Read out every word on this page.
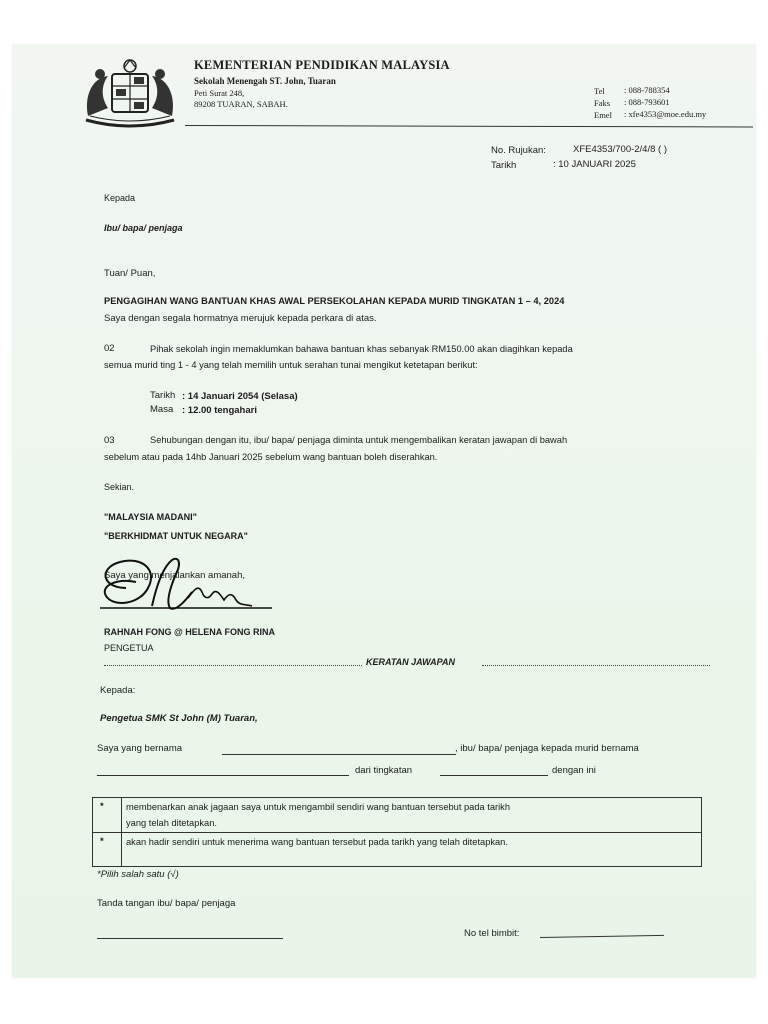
KEMENTERIAN PENDIDIKAN MALAYSIA
Sekolah Menengah ST. John, Tuaran
Peti Surat 248,
89208 TUARAN, SABAH.
Tel : 088-788354
Faks : 088-793601
Emel : xfe4353@moe.edu.my
No. Rujukan:	XFE4353/700-2/4/8 ( )
Tarikh	: 10 JANUARI 2025
Kepada
Ibu/ bapa/ penjaga
Tuan/ Puan,
PENGAGIHAN WANG BANTUAN KHAS AWAL PERSEKOLAHAN KEPADA MURID TINGKATAN 1 – 4, 2024
Saya dengan segala hormatnya merujuk kepada perkara di atas.
02	Pihak sekolah ingin memaklumkan bahawa bantuan khas sebanyak RM150.00 akan diagihkan kepada
semua murid ting 1 - 4 yang telah memilih untuk serahan tunai mengikut ketetapan berikut:
Tarikh : 14 Januari 2054 (Selasa)
Masa : 12.00 tengahari
03	Sehubungan dengan itu, ibu/ bapa/ penjaga diminta untuk mengembalikan keratan jawapan di bawah
sebelum atau pada 14hb Januari 2025 sebelum wang bantuan boleh diserahkan.
Sekian.
"MALAYSIA MADANI"
"BERKHIDMAT UNTUK NEGARA"
Saya yang menjalankan amanah,
RAHNAH FONG @ HELENA FONG RINA
PENGETUA
KERATAN JAWAPAN
Kepada:
Pengetua SMK St John (M) Tuaran,
Saya yang bernama	, ibu/ bapa/ penjaga kepada murid bernama
dari tingkatan	dengan ini
* membenarkan anak jagaan saya untuk mengambil sendiri wang bantuan tersebut pada tarikh
yang telah ditetapkan.
* akan hadir sendiri untuk menerima wang bantuan tersebut pada tarikh yang telah ditetapkan.
*Pilih salah satu (√)
Tanda tangan ibu/ bapa/ penjaga
No tel bimbit:
